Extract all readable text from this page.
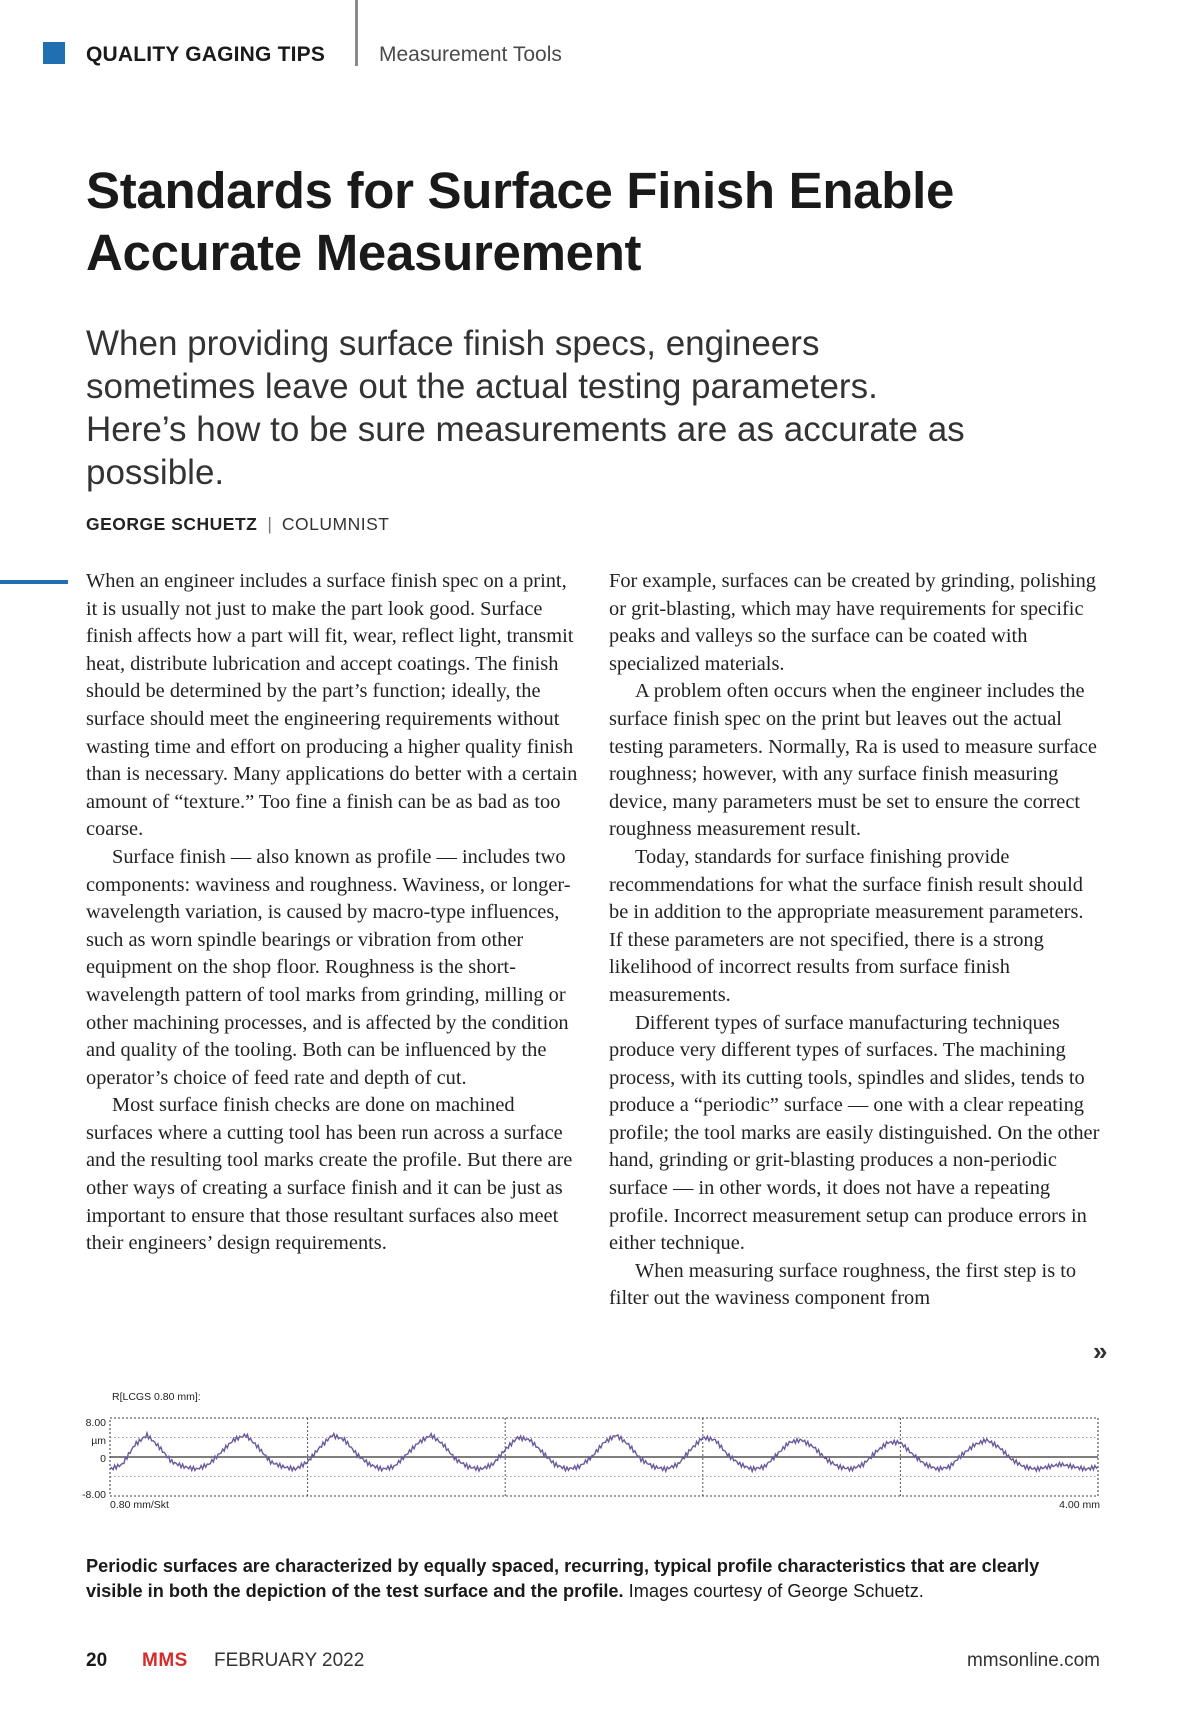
QUALITY GAGING TIPS	Measurement Tools
Standards for Surface Finish Enable Accurate Measurement

When providing surface finish specs, engineers sometimes leave out the actual testing parameters. Here’s how to be sure measurements are as accurate as possible.

GEORGE SCHUETZ | COLUMNIST

When an engineer includes a surface finish spec on a print, it is usually not just to make the part look good. Surface finish affects how a part will fit, wear, reflect light, transmit heat, distribute lubrication and accept coatings. The finish should be determined by the part’s function; ideally, the surface should meet the engineering requirements without wasting time and effort on producing a higher quality finish than is necessary. Many applications do better with a certain amount of “texture.” Too fine a finish can be as bad as too coarse.

Surface finish — also known as profile — includes two components: waviness and roughness. Waviness, or longer-wavelength variation, is caused by macro-type influences, such as worn spindle bearings or vibration from other equipment on the shop floor. Roughness is the short-wavelength pattern of tool marks from grinding, milling or other machining processes, and is affected by the condition and quality of the tooling. Both can be influenced by the operator’s choice of feed rate and depth of cut.

Most surface finish checks are done on machined surfaces where a cutting tool has been run across a surface and the resulting tool marks create the profile. But there are other ways of creating a surface finish and it can be just as important to ensure that those resultant surfaces also meet their engineers’ design requirements.

For example, surfaces can be created by grinding, polishing or grit-blasting, which may have requirements for specific peaks and valleys so the surface can be coated with specialized materials.

A problem often occurs when the engineer includes the surface finish spec on the print but leaves out the actual testing parameters. Normally, Ra is used to measure surface roughness; however, with any surface finish measuring device, many parameters must be set to ensure the correct roughness measurement result.

Today, standards for surface finishing provide recommendations for what the surface finish result should be in addition to the appropriate measurement parameters. If these parameters are not specified, there is a strong likelihood of incorrect results from surface finish measurements.

Different types of surface manufacturing techniques produce very different types of surfaces. The machining process, with its cutting tools, spindles and slides, tends to produce a “periodic” surface — one with a clear repeating profile; the tool marks are easily distinguished. On the other hand, grinding or grit-blasting produces a non-periodic surface — in other words, it does not have a repeating profile. Incorrect measurement setup can produce errors in either technique.

When measuring surface roughness, the first step is to filter out the waviness component from

»
R[LCGS 0.80 mm]:
8.00
µm
0
-8.00
0.80 mm/Skt	4.00 mm

Periodic surfaces are characterized by equally spaced, recurring, typical profile characteristics that are clearly visible in both the depiction of the test surface and the profile. Images courtesy of George Schuetz.

20 MMS FEBRUARY 2022	mmsonline.com
